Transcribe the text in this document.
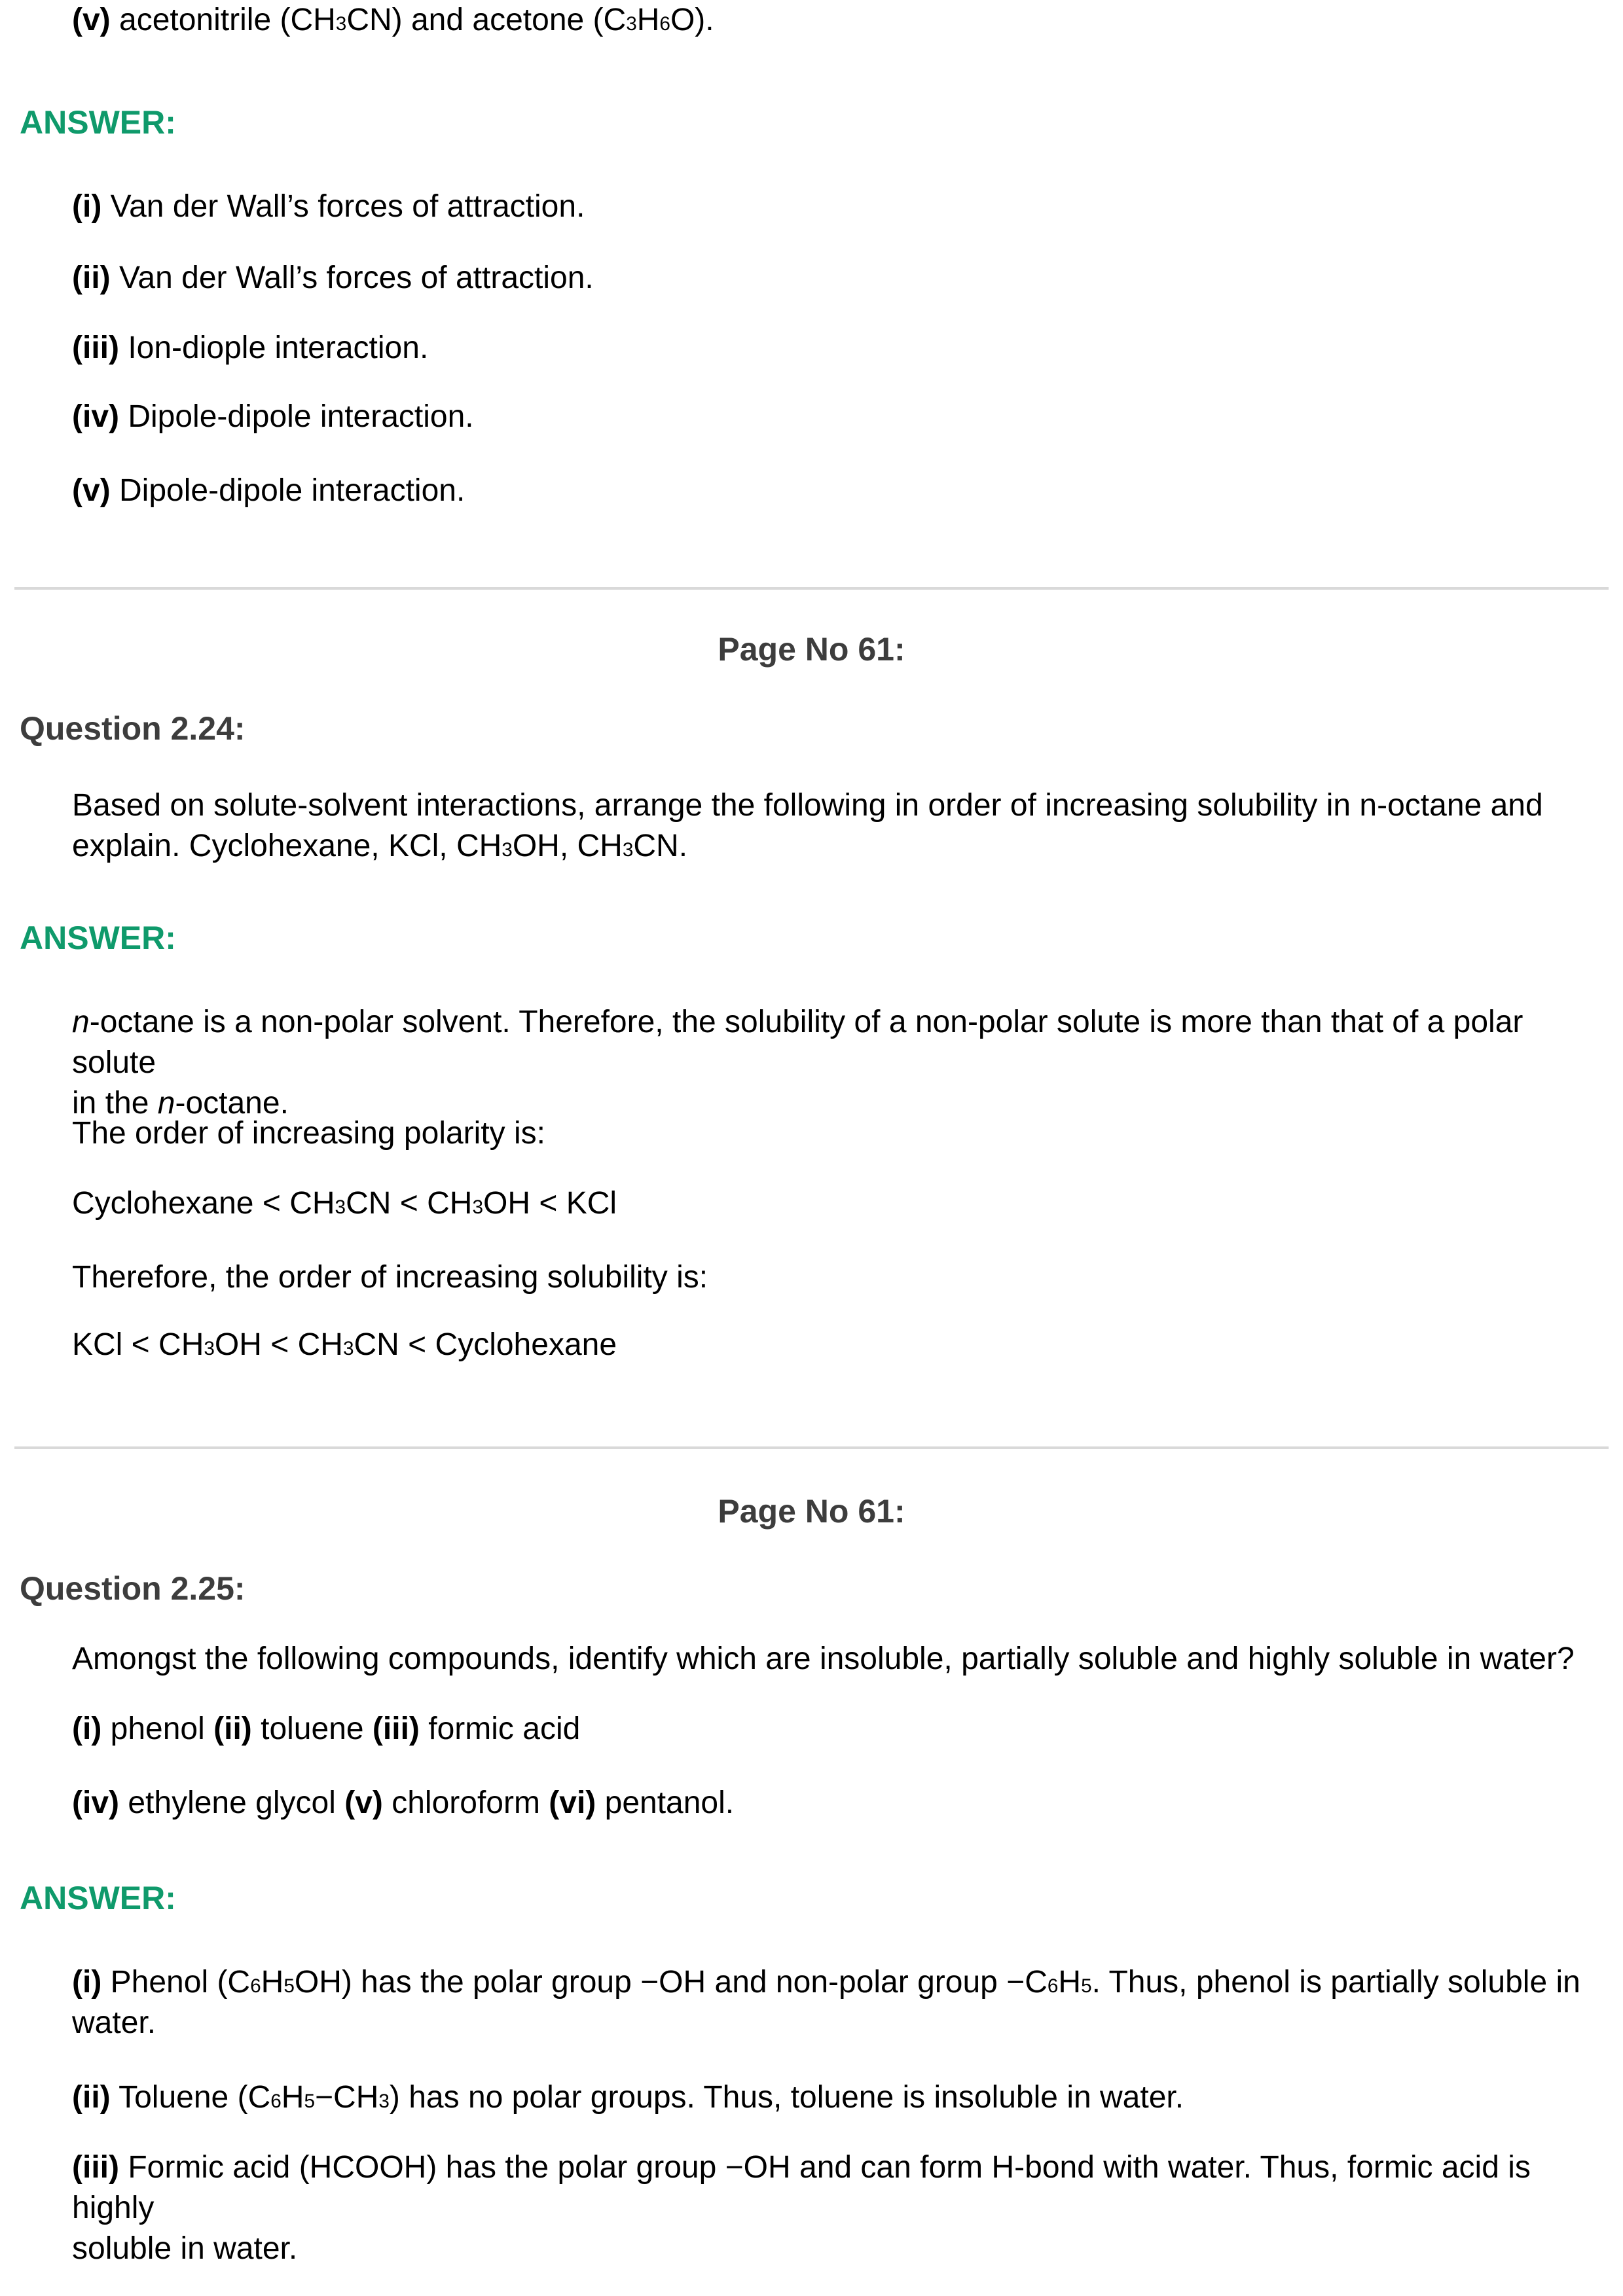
(v) acetonitrile $(CH_3CN)$ and acetone $(C_3H_6O)$.
ANSWER:
(i) Van der Wall’s forces of attraction.
(ii) Van der Wall’s forces of attraction.
(iii) Ion-diople interaction.
(iv) Dipole-dipole interaction.
(v) Dipole-dipole interaction.
Page No 61:
Question 2.24:
Based on solute-solvent interactions, arrange the following in order of increasing solubility in n-octane and
explain. Cyclohexane, KCl, $CH_3OH$, $CH_3CN$.
ANSWER:
n-octane is a non-polar solvent. Therefore, the solubility of a non-polar solute is more than that of a polar solute
in the n-octane.
The order of increasing polarity is:
Cyclohexane < $CH_3CN < CH_3OH$ < KCl
Therefore, the order of increasing solubility is:
KCl < $CH_3OH < CH_3CN$ < Cyclohexane
Page No 61:
Question 2.25:
Amongst the following compounds, identify which are insoluble, partially soluble and highly soluble in water?
(i) phenol (ii) toluene (iii) formic acid
(iv) ethylene glycol (v) chloroform (vi) pentanol.
ANSWER:
(i) Phenol $(C_6H_5OH)$ has the polar group −OH and non-polar group $-C_6H_5$. Thus, phenol is partially soluble in
water.
(ii) Toluene $(C_6H_5-CH_3)$ has no polar groups. Thus, toluene is insoluble in water.
(iii) Formic acid (HCOOH) has the polar group −OH and can form H-bond with water. Thus, formic acid is highly
soluble in water.
